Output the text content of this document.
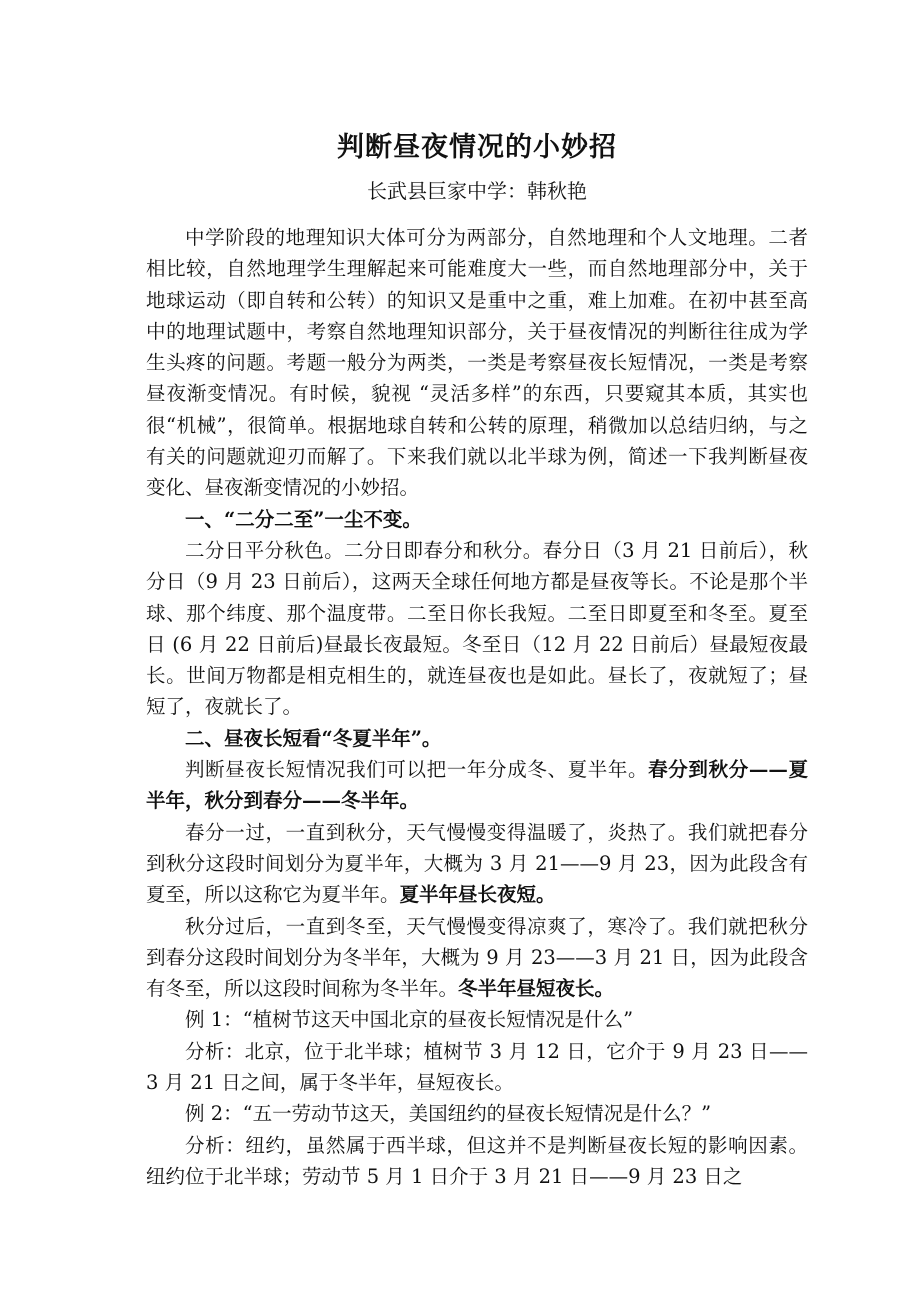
判断昼夜情况的小妙招

长武县巨家中学：韩秋艳

中学阶段的地理知识大体可分为两部分，自然地理和个人文地理。二者相比较，自然地理学生理解起来可能难度大一些，而自然地理部分中，关于地球运动（即自转和公转）的知识又是重中之重，难上加难。在初中甚至高中的地理试题中，考察自然地理知识部分，关于昼夜情况的判断往往成为学生头疼的问题。考题一般分为两类，一类是考察昼夜长短情况，一类是考察昼夜渐变情况。有时候，貌视 “灵活多样”的东西，只要窥其本质，其实也很“机械”，很简单。根据地球自转和公转的原理，稍微加以总结归纳，与之有关的问题就迎刃而解了。下来我们就以北半球为例，简述一下我判断昼夜变化、昼夜渐变情况的小妙招。

一、“二分二至”一尘不变。

二分日平分秋色。二分日即春分和秋分。春分日（3 月 21 日前后），秋分日（9 月 23 日前后），这两天全球任何地方都是昼夜等长。不论是那个半球、那个纬度、那个温度带。二至日你长我短。二至日即夏至和冬至。夏至日 (6 月 22 日前后)昼最长夜最短。冬至日（12 月 22 日前后）昼最短夜最长。世间万物都是相克相生的，就连昼夜也是如此。昼长了，夜就短了；昼短了，夜就长了。

二、昼夜长短看“冬夏半年”。

判断昼夜长短情况我们可以把一年分成冬、夏半年。春分到秋分——夏半年，秋分到春分——冬半年。

春分一过，一直到秋分，天气慢慢变得温暖了，炎热了。我们就把春分到秋分这段时间划分为夏半年，大概为 3 月 21——9 月 23，因为此段含有夏至，所以这称它为夏半年。夏半年昼长夜短。

秋分过后，一直到冬至，天气慢慢变得凉爽了，寒冷了。我们就把秋分到春分这段时间划分为冬半年，大概为 9 月 23——3 月 21 日，因为此段含有冬至，所以这段时间称为冬半年。冬半年昼短夜长。

例 1：“植树节这天中国北京的昼夜长短情况是什么”

分析：北京，位于北半球；植树节 3 月 12 日，它介于 9 月 23 日——3 月 21 日之间，属于冬半年，昼短夜长。

例 2：“五一劳动节这天，美国纽约的昼夜长短情况是什么？”

分析：纽约，虽然属于西半球，但这并不是判断昼夜长短的影响因素。纽约位于北半球；劳动节 5 月 1 日介于 3 月 21 日——9 月 23 日之
